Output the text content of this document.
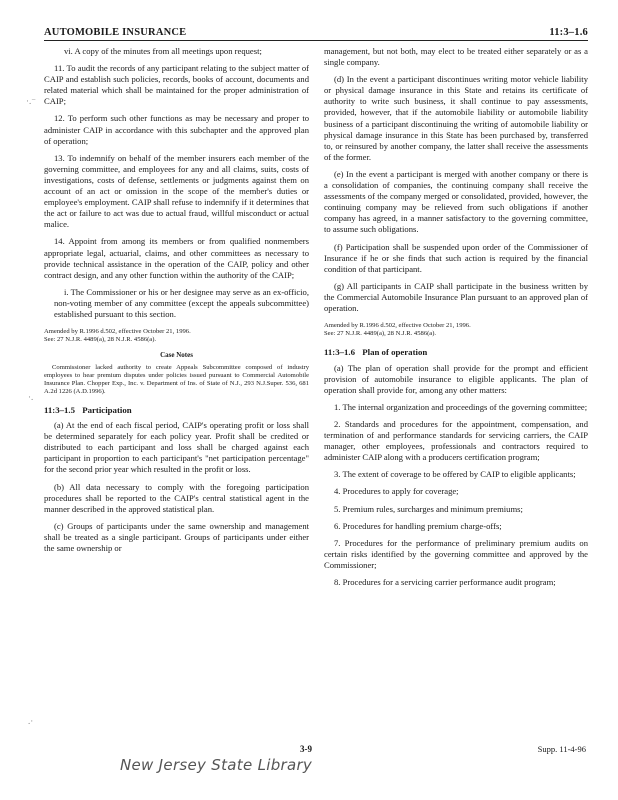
AUTOMOBILE INSURANCE	11:3–1.6
·.⁻
·.
.·

vi. A copy of the minutes from all meetings upon request;

11. To audit the records of any participant relating to the subject matter of CAIP and establish such policies, records, books of account, documents and related material which shall be maintained for the proper administration of CAIP;

12. To perform such other functions as may be necessary and proper to administer CAIP in accordance with this subchapter and the approved plan of operation;

13. To indemnify on behalf of the member insurers each member of the governing committee, and employees for any and all claims, suits, costs of investigations, costs of defense, settlements or judgments against them on account of an act or omission in the scope of the member's duties or employee's employment. CAIP shall refuse to indemnify if it determines that the act or failure to act was due to actual fraud, willful misconduct or actual malice.

14. Appoint from among its members or from qualified nonmembers appropriate legal, actuarial, claims, and other committees as necessary to provide technical assistance in the operation of the CAIP, policy and other contract design, and any other function within the authority of the CAIP;

i. The Commissioner or his or her designee may serve as an ex-officio, non-voting member of any committee (except the appeals subcommittee) established pursuant to this section.

Amended by R.1996 d.502, effective October 21, 1996.
See: 27 N.J.R. 4489(a), 28 N.J.R. 4586(a).

Case Notes

Commissioner lacked authority to create Appeals Subcommittee composed of industry employees to hear premium disputes under policies issued pursuant to Commercial Automobile Insurance Plan. Chopper Exp., Inc. v. Department of Ins. of State of N.J., 293 N.J.Super. 536, 681 A.2d 1226 (A.D.1996).

11:3–1.5 Participation

(a) At the end of each fiscal period, CAIP's operating profit or loss shall be determined separately for each policy year. Profit shall be credited or distributed to each participant and loss shall be charged against each participant in proportion to each participant's "net participation percentage" for the second prior year which resulted in the profit or loss.

(b) All data necessary to comply with the foregoing participation procedures shall be reported to the CAIP's central statistical agent in the manner described in the approved statistical plan.

(c) Groups of participants under the same ownership and management shall be treated as a single participant. Groups of participants under either the same ownership or

management, but not both, may elect to be treated either separately or as a single company.

(d) In the event a participant discontinues writing motor vehicle liability or physical damage insurance in this State and retains its certificate of authority to write such business, it shall continue to pay assessments, provided, however, that if the automobile liability or automobile liability business of a participant discontinuing the writing of automobile liability or physical damage insurance in this State has been purchased by, transferred to, or reinsured by another company, the latter shall receive the assessments of the former.

(e) In the event a participant is merged with another company or there is a consolidation of companies, the continuing company shall receive the assessments of the company merged or consolidated, provided, however, the continuing company may be relieved from such obligations if another company has agreed, in a manner satisfactory to the governing committee, to assume such obligations.

(f) Participation shall be suspended upon order of the Commissioner of Insurance if he or she finds that such action is required by the financial condition of that participant.

(g) All participants in CAIP shall participate in the business written by the Commercial Automobile Insurance Plan pursuant to an approved plan of operation.

Amended by R.1996 d.502, effective October 21, 1996.
See: 27 N.J.R. 4489(a), 28 N.J.R. 4586(a).

11:3–1.6 Plan of operation

(a) The plan of operation shall provide for the prompt and efficient provision of automobile insurance to eligible applicants. The plan of operation shall provide for, among any other matters:

1. The internal organization and proceedings of the governing committee;

2. Standards and procedures for the appointment, compensation, and termination of and performance standards for servicing carriers, the CAIP manager, other employees, professionals and contractors required to administer CAIP along with a producers certification program;

3. The extent of coverage to be offered by CAIP to eligible applicants;

4. Procedures to apply for coverage;

5. Premium rules, surcharges and minimum premiums;

6. Procedures for handling premium charge-offs;

7. Procedures for the performance of preliminary premium audits on certain risks identified by the governing committee and approved by the Commissioner;

8. Procedures for a servicing carrier performance audit program;

3-9	Supp. 11-4-96
New Jersey State Library
